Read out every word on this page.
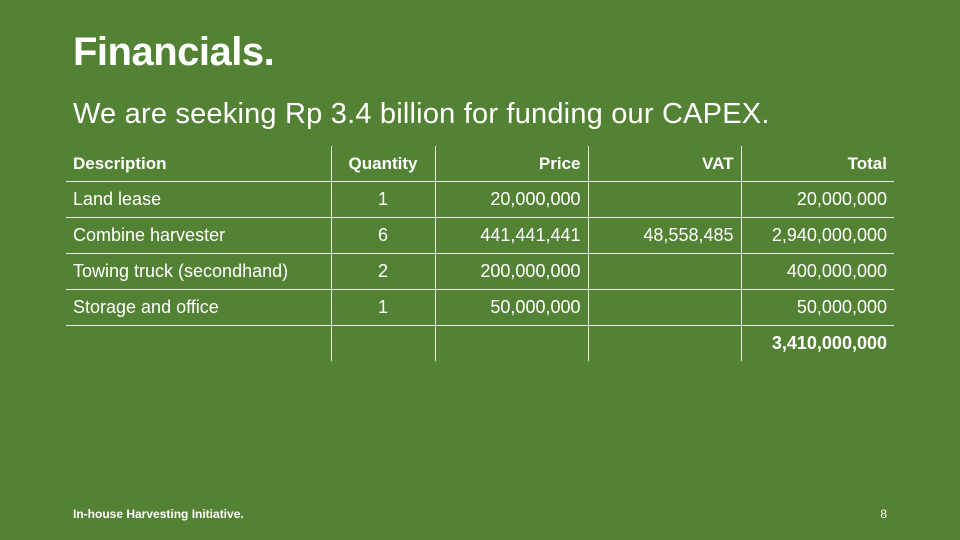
Financials.
We are seeking Rp 3.4 billion for funding our CAPEX.
Description	Quantity	Price	VAT	Total
Land lease	1	20,000,000		20,000,000
Combine harvester	6	441,441,441	48,558,485	2,940,000,000
Towing truck (secondhand)	2	200,000,000		400,000,000
Storage and office	1	50,000,000		50,000,000
				3,410,000,000
In-house Harvesting Initiative.	8
